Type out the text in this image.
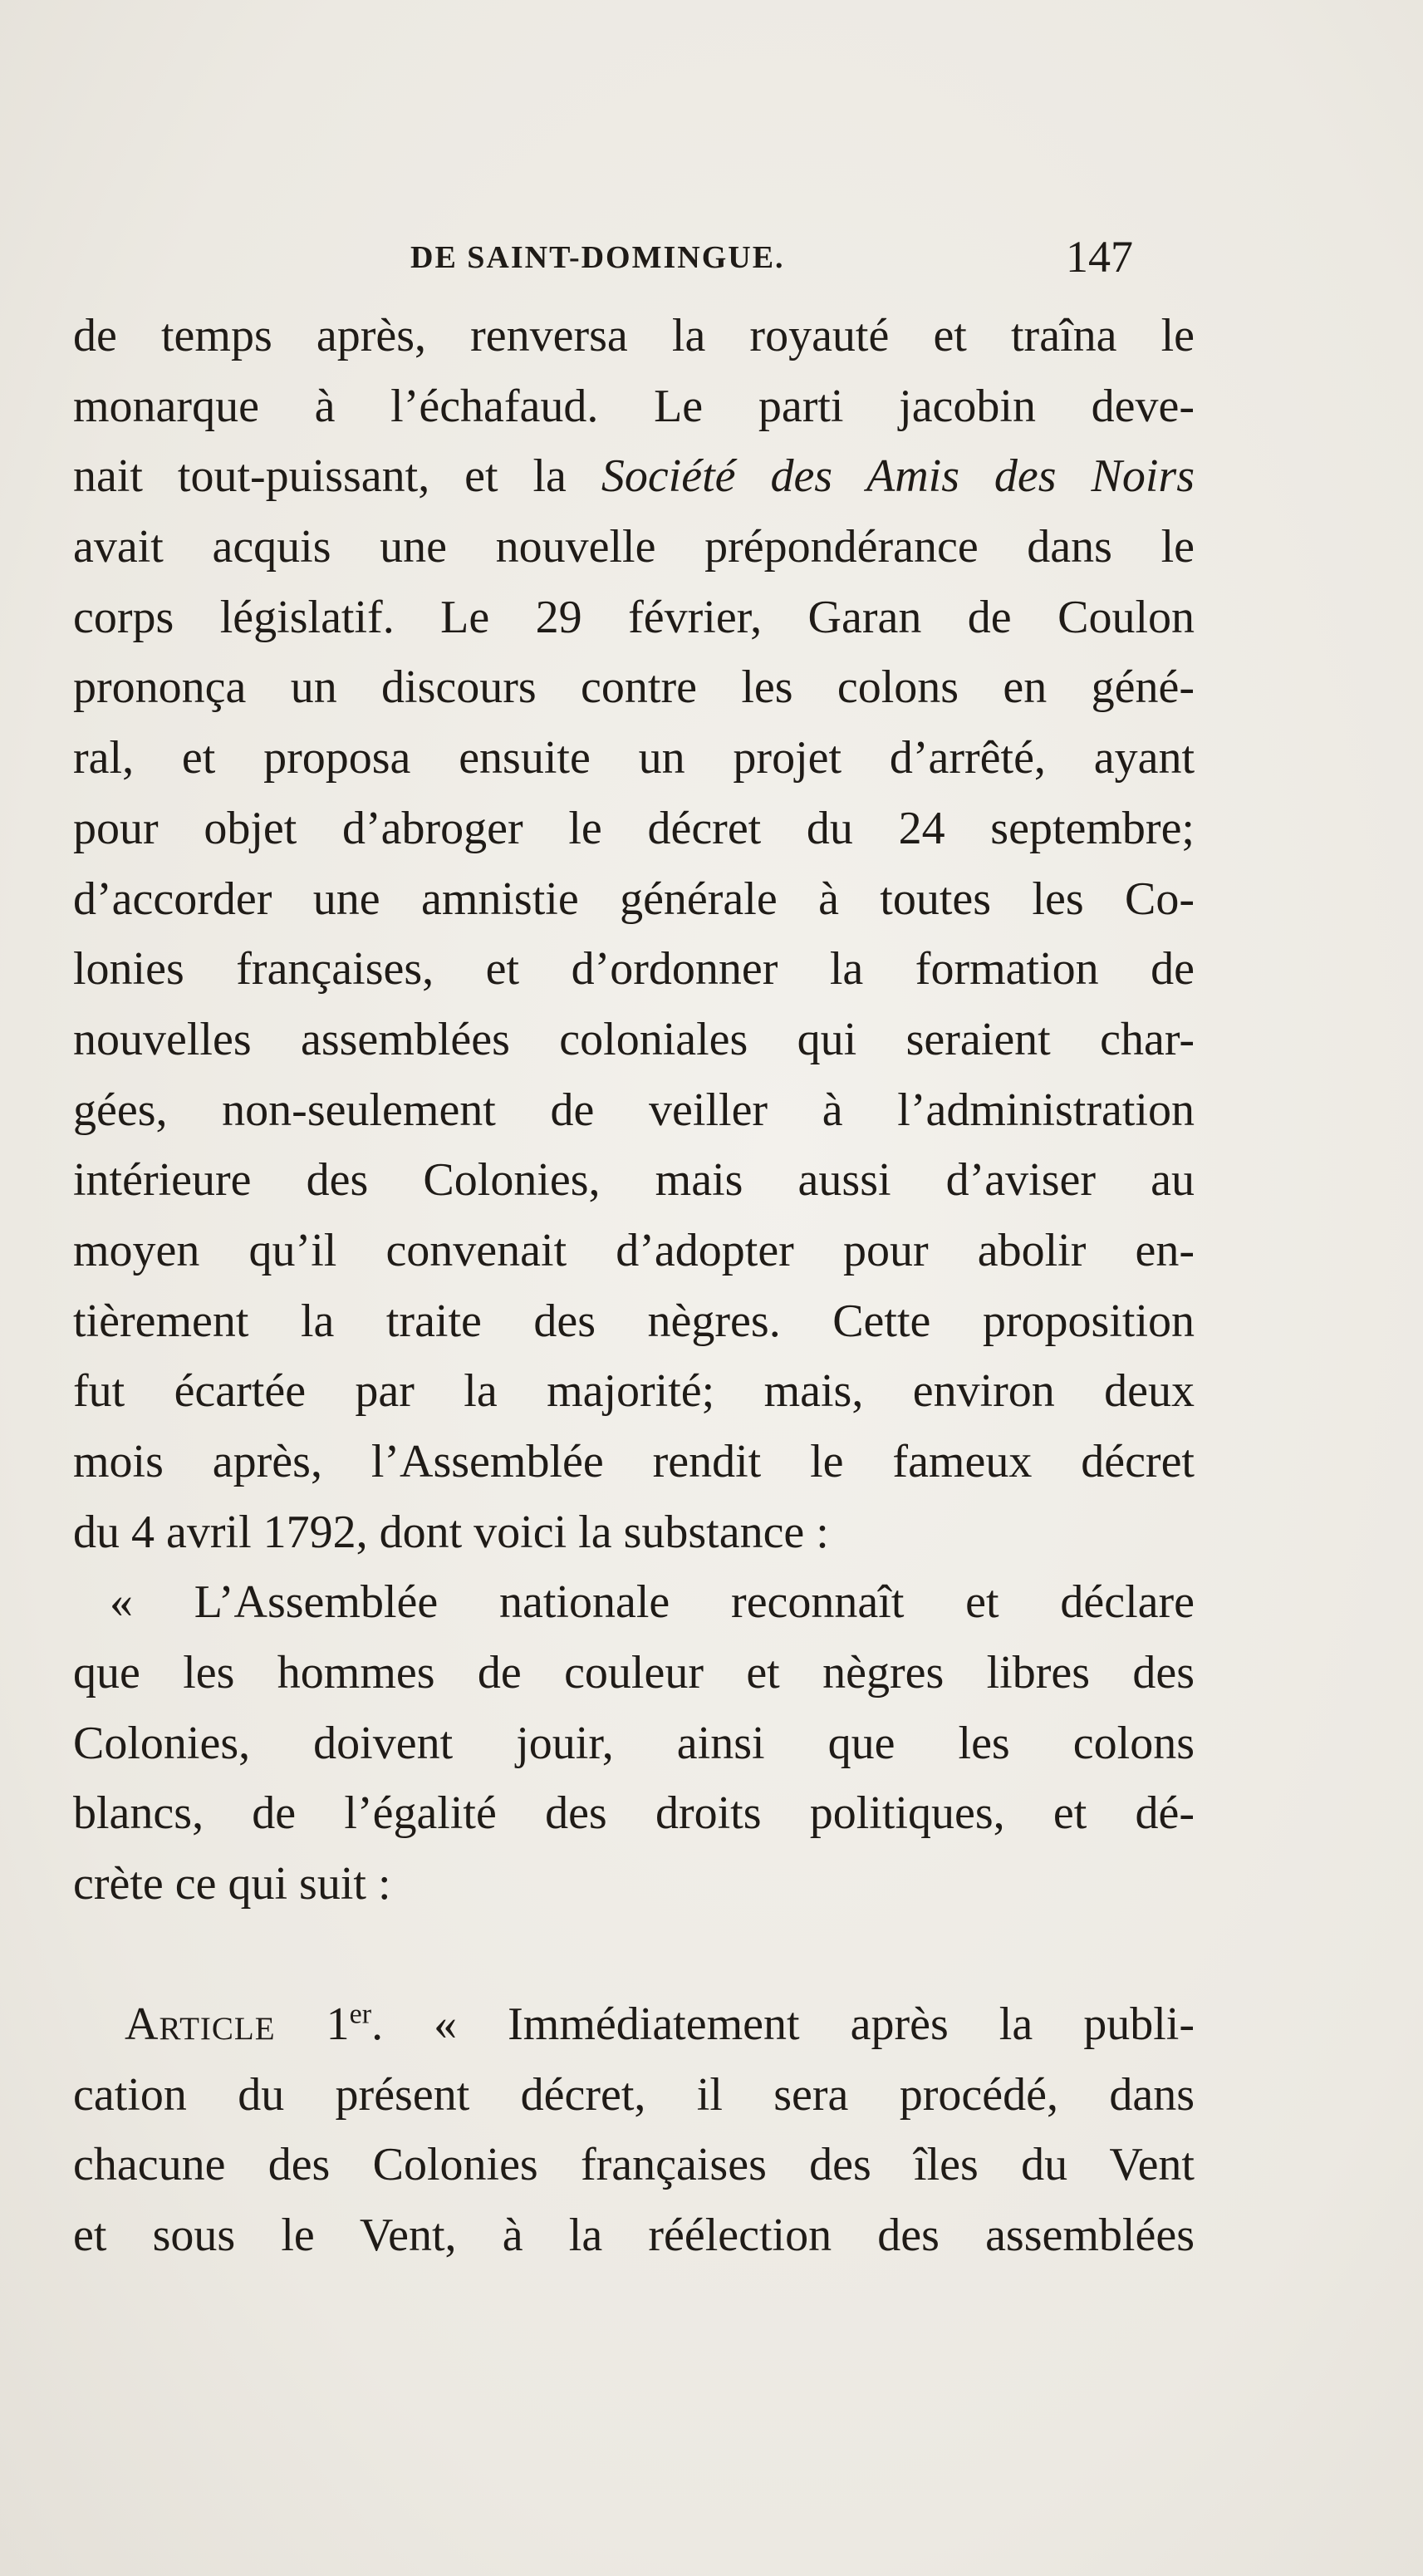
DE SAINT-DOMINGUE.	147
de temps après, renversa la royauté et traîna le
monarque à l’échafaud. Le parti jacobin deve-
nait tout-puissant, et la Société des Amis des Noirs
avait acquis une nouvelle prépondérance dans le
corps législatif. Le 29 février, Garan de Coulon
prononça un discours contre les colons en géné-
ral, et proposa ensuite un projet d’arrêté, ayant
pour objet d’abroger le décret du 24 septembre;
d’accorder une amnistie générale à toutes les Co-
lonies françaises, et d’ordonner la formation de
nouvelles assemblées coloniales qui seraient char-
gées, non-seulement de veiller à l’administration
intérieure des Colonies, mais aussi d’aviser au
moyen qu’il convenait d’adopter pour abolir en-
tièrement la traite des nègres. Cette proposition
fut écartée par la majorité; mais, environ deux
mois après, l’Assemblée rendit le fameux décret
du 4 avril 1792, dont voici la substance :
« L’Assemblée nationale reconnaît et déclare
que les hommes de couleur et nègres libres des
Colonies, doivent jouir, ainsi que les colons
blancs, de l’égalité des droits politiques, et dé-
crète ce qui suit :
Article 1er. « Immédiatement après la publi-
cation du présent décret, il sera procédé, dans
chacune des Colonies françaises des îles du Vent
et sous le Vent, à la réélection des assemblées
